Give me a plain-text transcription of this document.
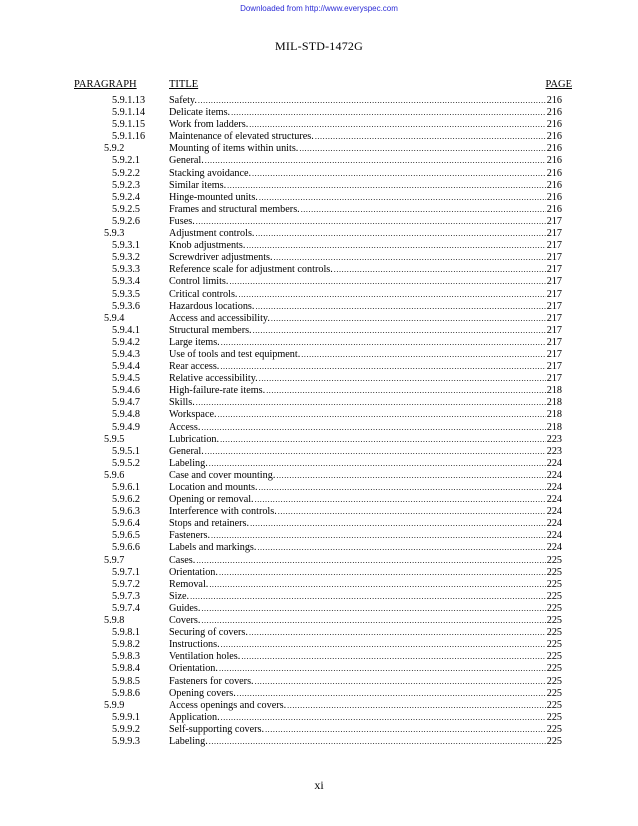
Downloaded from http://www.everyspec.com
MIL-STD-1472G
PARAGRAPH	TITLE	PAGE
5.9.1.13 Safety. .....	216
5.9.1.14 Delicate items. .....	216
5.9.1.15 Work from ladders. .....	216
5.9.1.16 Maintenance of elevated structures. .....	216
5.9.2	Mounting of items within units. .....	216
5.9.2.1	General. .....	216
5.9.2.2	Stacking avoidance. .....	216
5.9.2.3	Similar items. .....	216
5.9.2.4	Hinge-mounted units. .....	216
5.9.2.5	Frames and structural members. .....	216
5.9.2.6	Fuses. .....	217
5.9.3	Adjustment controls. .....	217
5.9.3.1	Knob adjustments. .....	217
5.9.3.2	Screwdriver adjustments. .....	217
5.9.3.3	Reference scale for adjustment controls. .....	217
5.9.3.4	Control limits. .....	217
5.9.3.5	Critical controls. .....	217
5.9.3.6	Hazardous locations. .....	217
5.9.4	Access and accessibility. .....	217
5.9.4.1	Structural members. .....	217
5.9.4.2	Large items. .....	217
5.9.4.3	Use of tools and test equipment. .....	217
5.9.4.4	Rear access. .....	217
5.9.4.5	Relative accessibility. .....	217
5.9.4.6	High-failure-rate items. .....	218
5.9.4.7	Skills. .....	218
5.9.4.8	Workspace. .....	218
5.9.4.9	Access. .....	218
5.9.5	Lubrication. .....	223
5.9.5.1	General. .....	223
5.9.5.2	Labeling. .....	224
5.9.6	Case and cover mounting. .....	224
5.9.6.1	Location and mounts. .....	224
5.9.6.2	Opening or removal. .....	224
5.9.6.3	Interference with controls. .....	224
5.9.6.4	Stops and retainers. .....	224
5.9.6.5	Fasteners. .....	224
5.9.6.6	Labels and markings. .....	224
5.9.7	Cases. .....	225
5.9.7.1	Orientation. .....	225
5.9.7.2	Removal. .....	225
5.9.7.3	Size. .....	225
5.9.7.4	Guides. .....	225
5.9.8	Covers. .....	225
5.9.8.1	Securing of covers. .....	225
5.9.8.2	Instructions. .....	225
5.9.8.3	Ventilation holes. .....	225
5.9.8.4	Orientation. .....	225
5.9.8.5	Fasteners for covers. .....	225
5.9.8.6	Opening covers. .....	225
5.9.9	Access openings and covers. .....	225
5.9.9.1	Application. .....	225
5.9.9.2	Self-supporting covers. .....	225
5.9.9.3	Labeling. .....	225
xi
